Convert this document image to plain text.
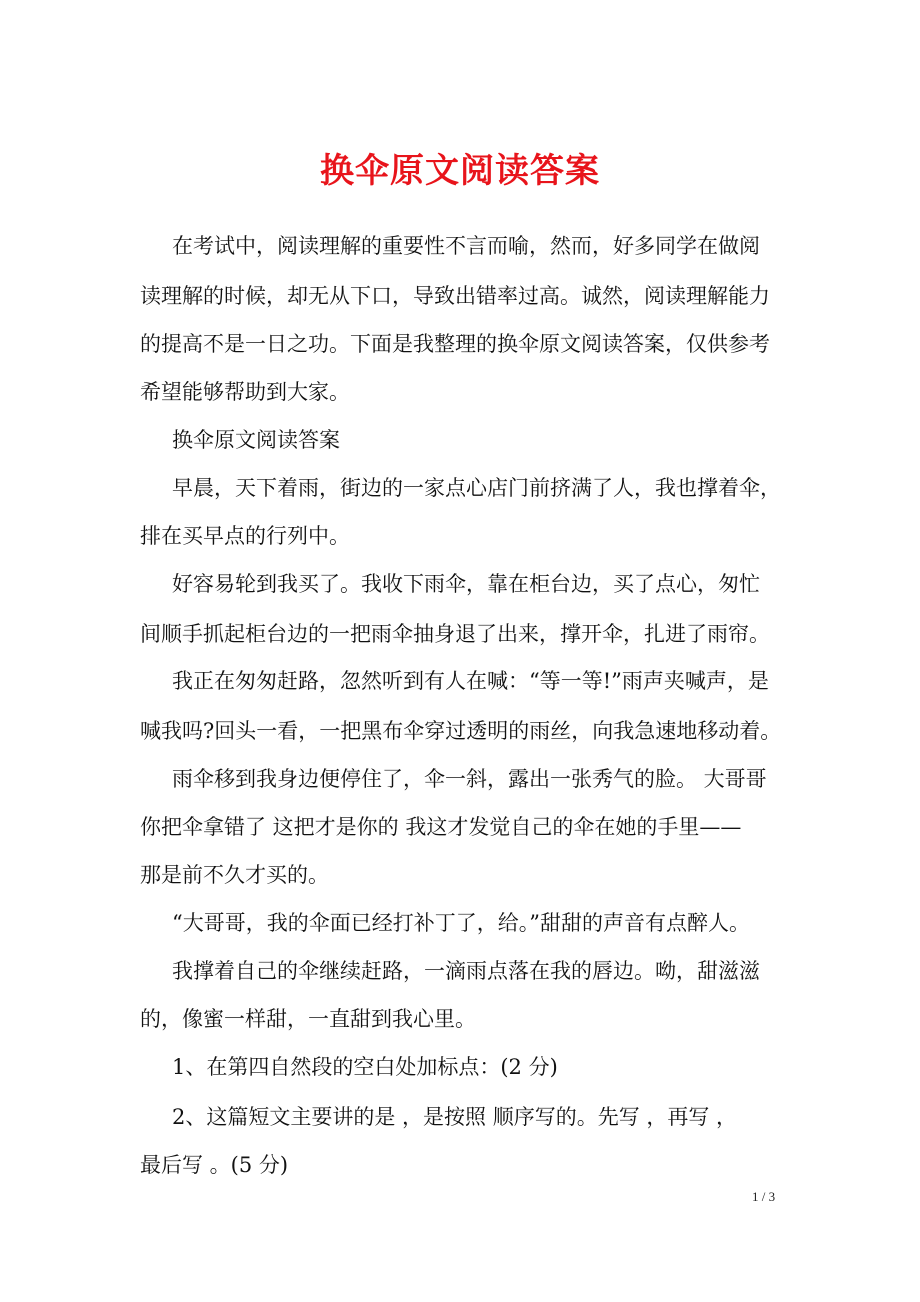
换伞原文阅读答案
在考试中，阅读理解的重要性不言而喻，然而，好多同学在做阅
读理解的时候，却无从下口，导致出错率过高。诚然，阅读理解能力
的提高不是一日之功。下面是我整理的换伞原文阅读答案，仅供参考
希望能够帮助到大家。
换伞原文阅读答案
早晨，天下着雨，街边的一家点心店门前挤满了人，我也撑着伞，
排在买早点的行列中。
好容易轮到我买了。我收下雨伞，靠在柜台边，买了点心，匆忙
间顺手抓起柜台边的一把雨伞抽身退了出来，撑开伞，扎进了雨帘。
我正在匆匆赶路，忽然听到有人在喊：“等一等!”雨声夹喊声，是
喊我吗?回头一看，一把黑布伞穿过透明的雨丝，向我急速地移动着。
雨伞移到我身边便停住了，伞一斜，露出一张秀气的脸。 大哥哥
你把伞拿错了 这把才是你的 我这才发觉自己的伞在她的手里——
那是前不久才买的。
“大哥哥，我的伞面已经打补丁了，给。”甜甜的声音有点醉人。
我撑着自己的伞继续赶路，一滴雨点落在我的唇边。呦，甜滋滋
的，像蜜一样甜，一直甜到我心里。
1、在第四自然段的空白处加标点：(2 分)
2、这篇短文主要讲的是 ，是按照 顺序写的。先写 ，再写 ，
最后写 。(5 分)
1 / 3
